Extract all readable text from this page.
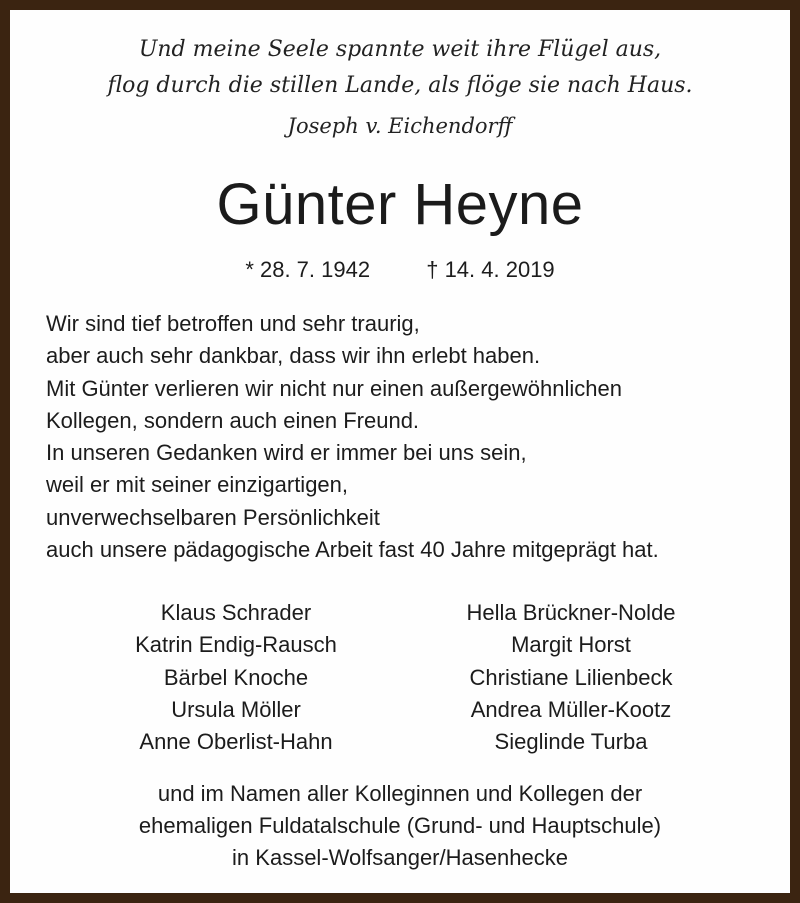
Und meine Seele spannte weit ihre Flügel aus,
flog durch die stillen Lande, als flöge sie nach Haus.
Joseph v. Eichendorff
Günter Heyne
* 28. 7. 1942	† 14. 4. 2019
Wir sind tief betroffen und sehr traurig,
aber auch sehr dankbar, dass wir ihn erlebt haben.
Mit Günter verlieren wir nicht nur einen außergewöhnlichen
Kollegen, sondern auch einen Freund.
In unseren Gedanken wird er immer bei uns sein,
weil er mit seiner einzigartigen,
unverwechselbaren Persönlichkeit
auch unsere pädagogische Arbeit fast 40 Jahre mitgeprägt hat.
Klaus Schrader
Katrin Endig-Rausch
Bärbel Knoche
Ursula Möller
Anne Oberlist-Hahn
Hella Brückner-Nolde
Margit Horst
Christiane Lilienbeck
Andrea Müller-Kootz
Sieglinde Turba
und im Namen aller Kolleginnen und Kollegen der
ehemaligen Fuldatalschule (Grund- und Hauptschule)
in Kassel-Wolfsanger/Hasenhecke
